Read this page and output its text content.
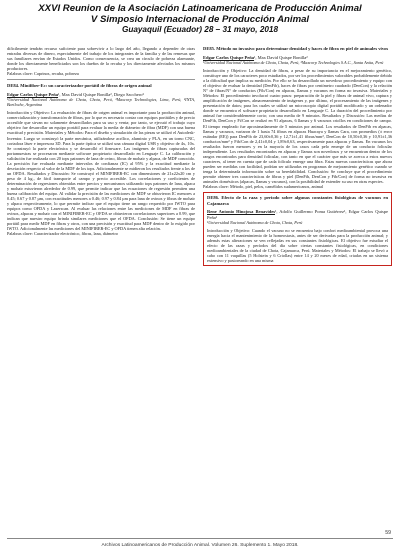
XXVI Reunion de la Asociación Latinoamericana de Producción Animal
V Simposio Internacional de Producción Animal
Guayaquil (Ecuador) 28 – 31 mayo, 2018

dificilmente tendrán recurso suficiente para sobrevivir a lo largo del año, llegando a depender de otras entradas diversas de dinero, especialmente del trabajo de los integrantes de la familia y de las remesas que sus familiares envían de Estados Unidos. Como consecuencia, se crea un círculo de pobreza alarmante, donde los directamente beneficiados son los dueños de la recuba y los directamente afectados los mismos productores.

Palabras clave: Caprinos, recuba, pobreza

DE84. Minifiber-Ec: un caracterizador portátil de fibras de origen animal

Edgar Carlos Quispe Peña¹, Max David Quispe Bonilla², Diego Sacchero³

¹Universidad Nacional Autónoma de Chota, Chota, Perú, ²Maxcorp Technologies, Lima, Perú, ³INTA, Bariloche, Argentina

Introducción y Objetivo: La evaluación de fibras de origen animal es importante para la producción animal, comercialización y transformación de fibras, por lo que es necesario contar con equipos portátiles y de precio accesible que sirvan no solamente desarrollados para su uso y venta; por tanto, se ejecutó el trabajo cuyo objetivo fue desarrollar un equipo portátil para evaluar la media de diámetro de fibra (MDF) con una buena exactitud y precisión. Materiales y Métodos: Para el diseño y simulación de las piezas se utilizó el Autodesk-Inventor. Luego se construyó la parte mecánica, utilizándose acrílico, aluminio y PLA, en un torno CNC, cortadora láser e impresora 3D. Para la parte óptica se utilizó una cámara digital USB y objetivo de 4x, 10x. Se construyó la parte electrónica y se desarrolló el firmware. Las imágenes de fibras capturadas del portamuestras se procesaron mediante software propietario desarrollado en Lenguaje C. La calibración y validación fue realizada con 20 tops patrones de lana de ovino, fibras de mohair y alpaca, de MDF conocido. La precisión fue evaluada mediante intervalos de confianza (IC) al 95% y la exactitud mediante la desviación respecto al valor de la MDF de los tops. Adicionalmente se midieron los resultados frente a los de un OFDA. Resultados y Discusión: Se construyó el MINIFIBER-EC con dimensiones de 21x22x20 cm y peso de 4 kg., de fácil transporte al campo y precio accesible. Los correlaciones y coeficientes de determinación de regresiones obtenidas entre precios y mecanismos utilizando tops patrones de lana, alpaca y mohair estuvieron alrededor de 0.99, que permite indicar que las ecuaciones de regresión permiten una buena calibración del equipo. Al validar la precisión de las mediciones de MDF se obtuvieron IC menores a 0.45; 0.67 y 0.87 µm, con exactitudes menores a 0.46; 0.97 y 0.84 µm para lana de ovinos y fibras de mohair y alpaca respectivamente, lo que permite indicar que el equipo tiene un rango requerido por IWTO para equipos como OFDA y Laserscan. Al evaluar las relaciones entre las mediciones de MDF en fibras de ovinos, alpacas y mohair con el MINIFIBER-EC y OFDA se obtuvieron correlaciones superiores a 0.99, que indican que nuestro equipo brinda similares mediciones que el OFDA. Conclusión: Se tiene un equipo portátil para medir MDF en fibras y otros, con una precisión y exactitud para MDF dentro de lo exigido por IWTO. Adicionalmente las mediciones del MINIFIBER-EC y OFDA tienen alta relación.

Palabras clave: Caracterizador electrónico, fibras, lana, diámetro

DE85. Método no invasivo para determinar densidad y haces de fibra en piel de animales vivos

Edgar Carlos Quispe Peña¹, Max David Quispe Bonilla²

¹Universidad Nacional Autónoma de Chota, Chota, Perú, ²Maxcorp Technologies S.A.C., Santa Anita, Perú

Introducción y Objetivo: La densidad de fibras, a pesar de su importancia en el mejoramiento genético, constituye uno de los caracteres poco estudiados, por ser los procedimientos valorables probablemente debido a la dificultad que implica su medición. Por ello se ha desarrollado un novedoso procedimiento y equipo con el objetivo de evaluar la densidad (DenFib), haces de fibras por centímetro cuadrado (DenCon) y la relación N° de fibras/N° de conductos (Fib/Con) en alpacas, llamas y vacunos en forma no invasiva. Materiales y Métodos: El procedimiento involucró cuatro pasos: preparación de la piel y fibras de animal vivo, captura y amplificación de imágenes, almacenamiento de imágenes y, por último, el procesamiento de las imágenes y presentación de datos; para los cuales se utilizó un microscopio digital portátil modificado y un ordenador donde se encuentra el software propietario desarrollado en Lenguaje C. La duración del procedimiento por animal fue considerablemente corto; con una media de 9 minutos. Resultados y Discusión: Las medias de DenFib, DenCon y Fi/Con se realizó en 91 alpacas, 6 llamas y 6 vacunos criollos en condiciones de campo. El tiempo empleado fue aproximadamente de 5 minutos por animal. Los resultados de DenFib en alpacas, llamas y vacunos, variaron de 1 hasta 74 fibras en alpacas Huacaya y llamas Cara, con promedios (± error estándar (EE)) para DenFib de 23,60±0,36 y 12,71±1,41 fibras/mm², DenCon de 10,50±0,36 y 10,91±1,36 conductos/mm² y Fib/Con de 2,41±0,04 y 1,89±0,63, respectivamente para alpacas y llamas. En vacunos los resultados fueron menores y en la mayoría de los casos cada pelo emerge de un conducto folicular independiente. Los resultados encontrados en alpacas y llamas son novedosos y se encuentran dentro de los rangos encontrados para densidad folicular, con tanto en que el carácter que más se acerca a estos nuevos caracteres, al tener en cuenta que de cada folículo emerge una fibra. Estas nuevas características que ahora pueden ser medidas con facilidad, podrían ser utilizadas en programas de mejoramiento genético cuando se tenga la determinada información sobre su heredabilidad. Conclusión: Se concluye que el procedimiento permite obtener tres características de fibras y piel (DenFib, DenCon y Fib/Con) de forma no invasiva en animales domésticos (alpacas, llamas y vacunos), con la posibilidad de extender su uso en otras especies.

Palabras clave: Método, piel, pelos, camélidos sudamericanos, animal

DE86. Efecto de la raza y periodo sobre algunas constantes fisiológicas de vacunos en Cajamarca

Rene Antonio Hinojosa Benavides¹, Adolfo Guillermo Poma Gutiérrez¹, Edgar Carlos Quispe Peña¹

¹Universidad Nacional Autónoma de Chota, Chota, Perú

Introducción y Objetivo: Cuando el vacuno no se encuentra bajo confort medioambiental provoca una energía hacia el mantenimiento de la homeostasis, antes de ser derivadas para la producción animal; y además estas alteraciones se ven reflejadas en sus constantes fisiológicas. El objetivo fue estudiar el efecto de las razas y períodos del día sobre ciertas constantes fisiológicas, en condiciones medioambientales de la ciudad de Chota, Cajamarca, Perú. Materiales y Métodos: El trabajo se llevó a cabo con 11 vaquillas (5 Holstein y 6 Criollas) entre 14 y 20 meses de edad, criadas en un sistema extensivo y pastoreando en una misma

59
Archivos Latinoamericanos de Producción Animal. Volumen 26. Suplemento 1. Mayo 2018.
